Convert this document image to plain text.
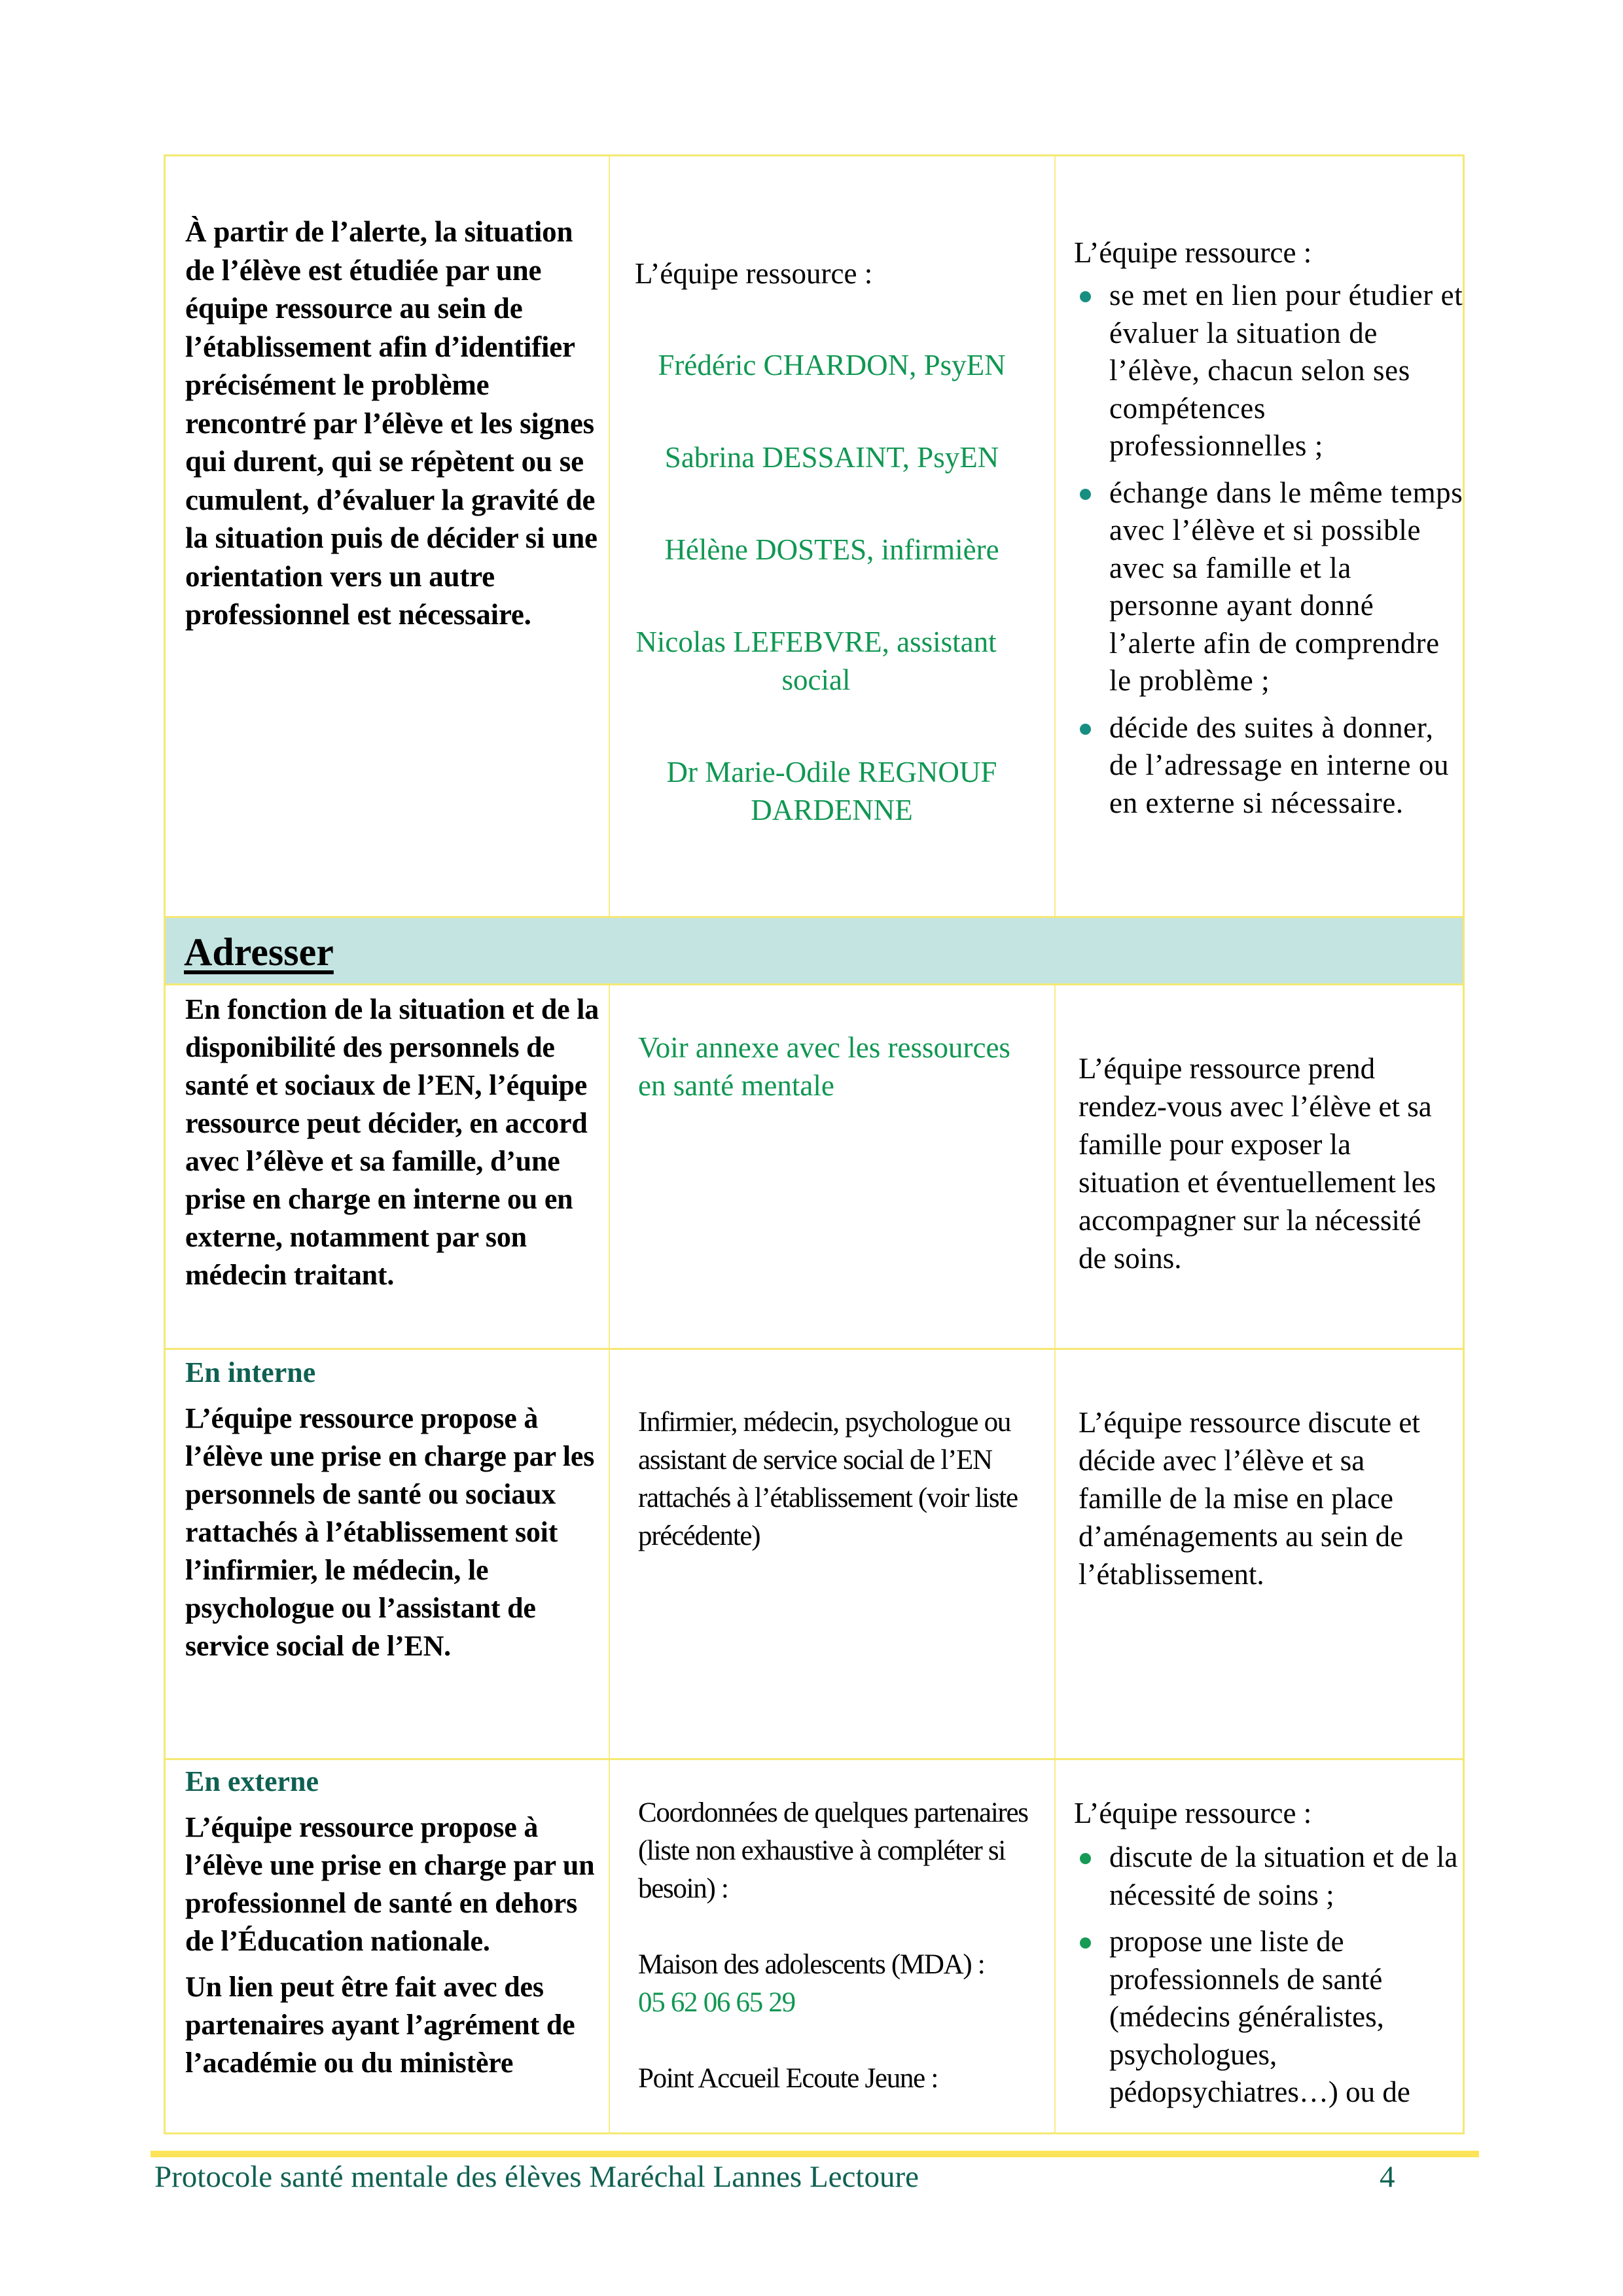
À partir de l’alerte, la situation de l’élève est étudiée par une équipe ressource au sein de l’établissement afin d’identifier précisément le problème rencontré par l’élève et les signes qui durent, qui se répètent ou se cumulent, d’évaluer la gravité de la situation puis de décider si une orientation vers un autre professionnel est nécessaire.
L’équipe ressource :
Frédéric CHARDON, PsyEN
Sabrina DESSAINT, PsyEN
Hélène DOSTES, infirmière
Nicolas LEFEBVRE, assistant social
Dr Marie-Odile REGNOUF DARDENNE
L’équipe ressource :
se met en lien pour étudier et évaluer la situation de l’élève, chacun selon ses compétences professionnelles ;
échange dans le même temps avec l’élève et si possible avec sa famille et la personne ayant donné l’alerte afin de comprendre le problème ;
décide des suites à donner, de l’adressage en interne ou en externe si nécessaire.
Adresser
En fonction de la situation et de la disponibilité des personnels de santé et sociaux de l’EN, l’équipe ressource peut décider, en accord avec l’élève et sa famille, d’une prise en charge en interne ou en externe, notamment par son médecin traitant.
Voir annexe avec les ressources en santé mentale
L’équipe ressource prend rendez-vous avec l’élève et sa famille pour exposer la situation et éventuellement les accompagner sur la nécessité de soins.
En interne
L’équipe ressource propose à l’élève une prise en charge par les personnels de santé ou sociaux rattachés à l’établissement soit l’infirmier, le médecin, le psychologue ou l’assistant de service social de l’EN.
Infirmier, médecin, psychologue ou assistant de service social de l’EN rattachés à l’établissement (voir liste précédente)
L’équipe ressource discute et décide avec l’élève et sa famille de la mise en place d’aménagements au sein de l’établissement.
En externe
L’équipe ressource propose à l’élève une prise en charge par un professionnel de santé en dehors de l’Éducation nationale.
Un lien peut être fait avec des partenaires ayant l’agrément de l’académie ou du ministère
Coordonnées de quelques partenaires (liste non exhaustive à compléter si besoin) :
Maison des adolescents (MDA) :
05 62 06 65 29
Point Accueil Ecoute Jeune :
L’équipe ressource :
discute de la situation et de la nécessité de soins ;
propose une liste de professionnels de santé (médecins généralistes, psychologues, pédopsychiatres…) ou de
Protocole santé mentale des élèves Maréchal Lannes Lectoure	4
